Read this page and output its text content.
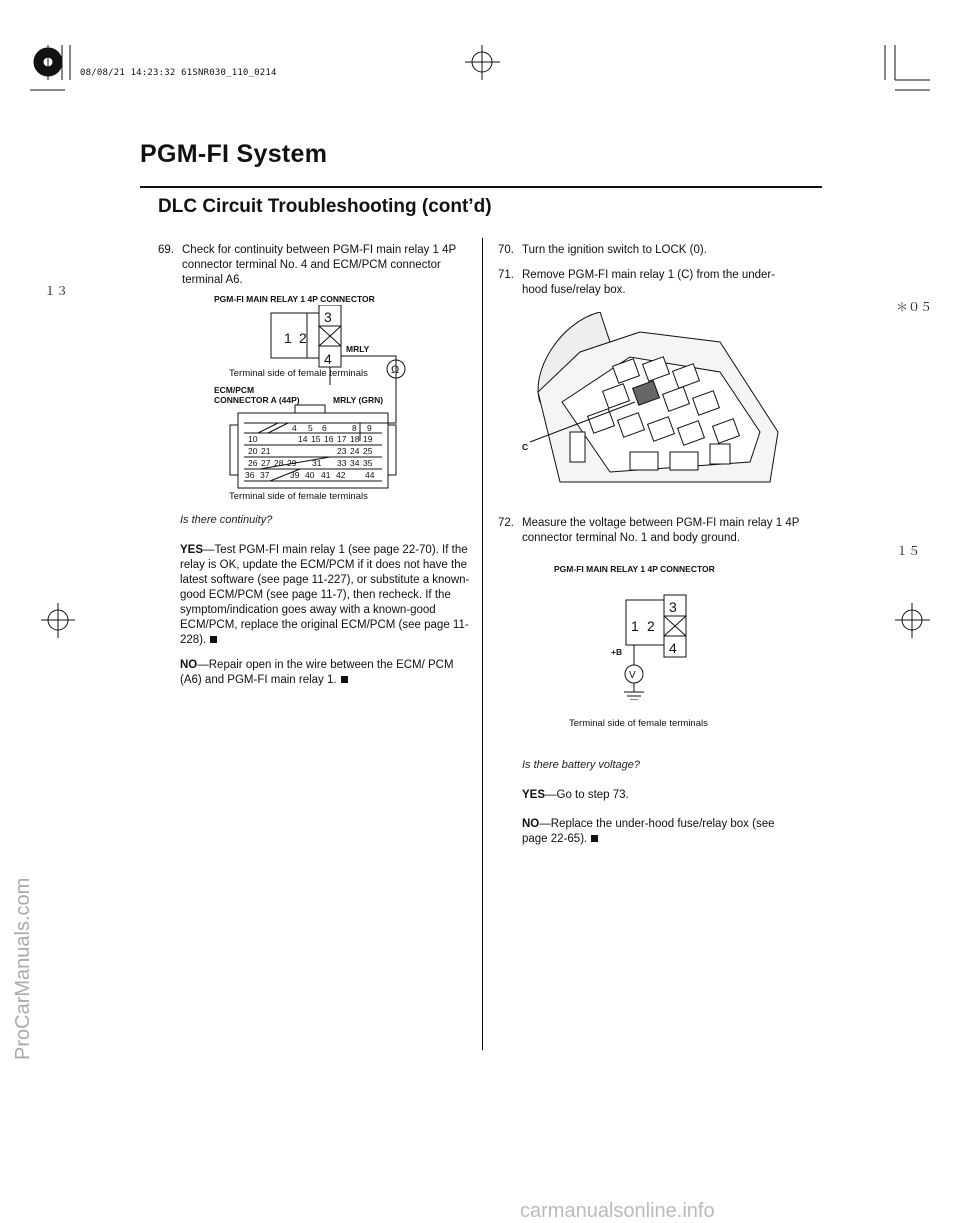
08/08/21 14:23:32 61SNR030_110_0214
PGM-FI System
DLC Circuit Troubleshooting (cont’d)
１３
＊０５
１５
ProCarManuals.com
carmanualsonline.info
69. Check for continuity between PGM-FI main relay 1 4P connector terminal No. 4 and ECM/PCM connector terminal A6.
PGM-FI MAIN RELAY 1 4P CONNECTOR
4 5 6	8 9
10	14 15 16 17 18 19
20 21	23 24 25
26 27 28 29 31 33 34 35
36 37 39 40 41 42 44
1 2
3
4
Ω
MRLY
Terminal side of female terminals
ECM/PCM
CONNECTOR A (44P)	MRLY (GRN)
Terminal side of female terminals
Is there continuity?
YES—Test PGM-FI main relay 1 (see page 22-70). If the relay is OK, update the ECM/PCM if it does not have the latest software (see page 11-227), or substitute a known-good ECM/PCM (see page 11-7), then recheck. If the symptom/indication goes away with a known-good ECM/PCM, replace the original ECM/PCM (see page 11-228).
NO—Repair open in the wire between the ECM/ PCM (A6) and PGM-FI main relay 1.
70. Turn the ignition switch to LOCK (0).
71. Remove PGM-FI main relay 1 (C) from the under-hood fuse/relay box.
C
72. Measure the voltage between PGM-FI main relay 1 4P connector terminal No. 1 and body ground.
PGM-FI MAIN RELAY 1 4P CONNECTOR
1 2
3
4
V
+B
Terminal side of female terminals
Is there battery voltage?
YES—Go to step 73.
NO—Replace the under-hood fuse/relay box (see page 22-65).
